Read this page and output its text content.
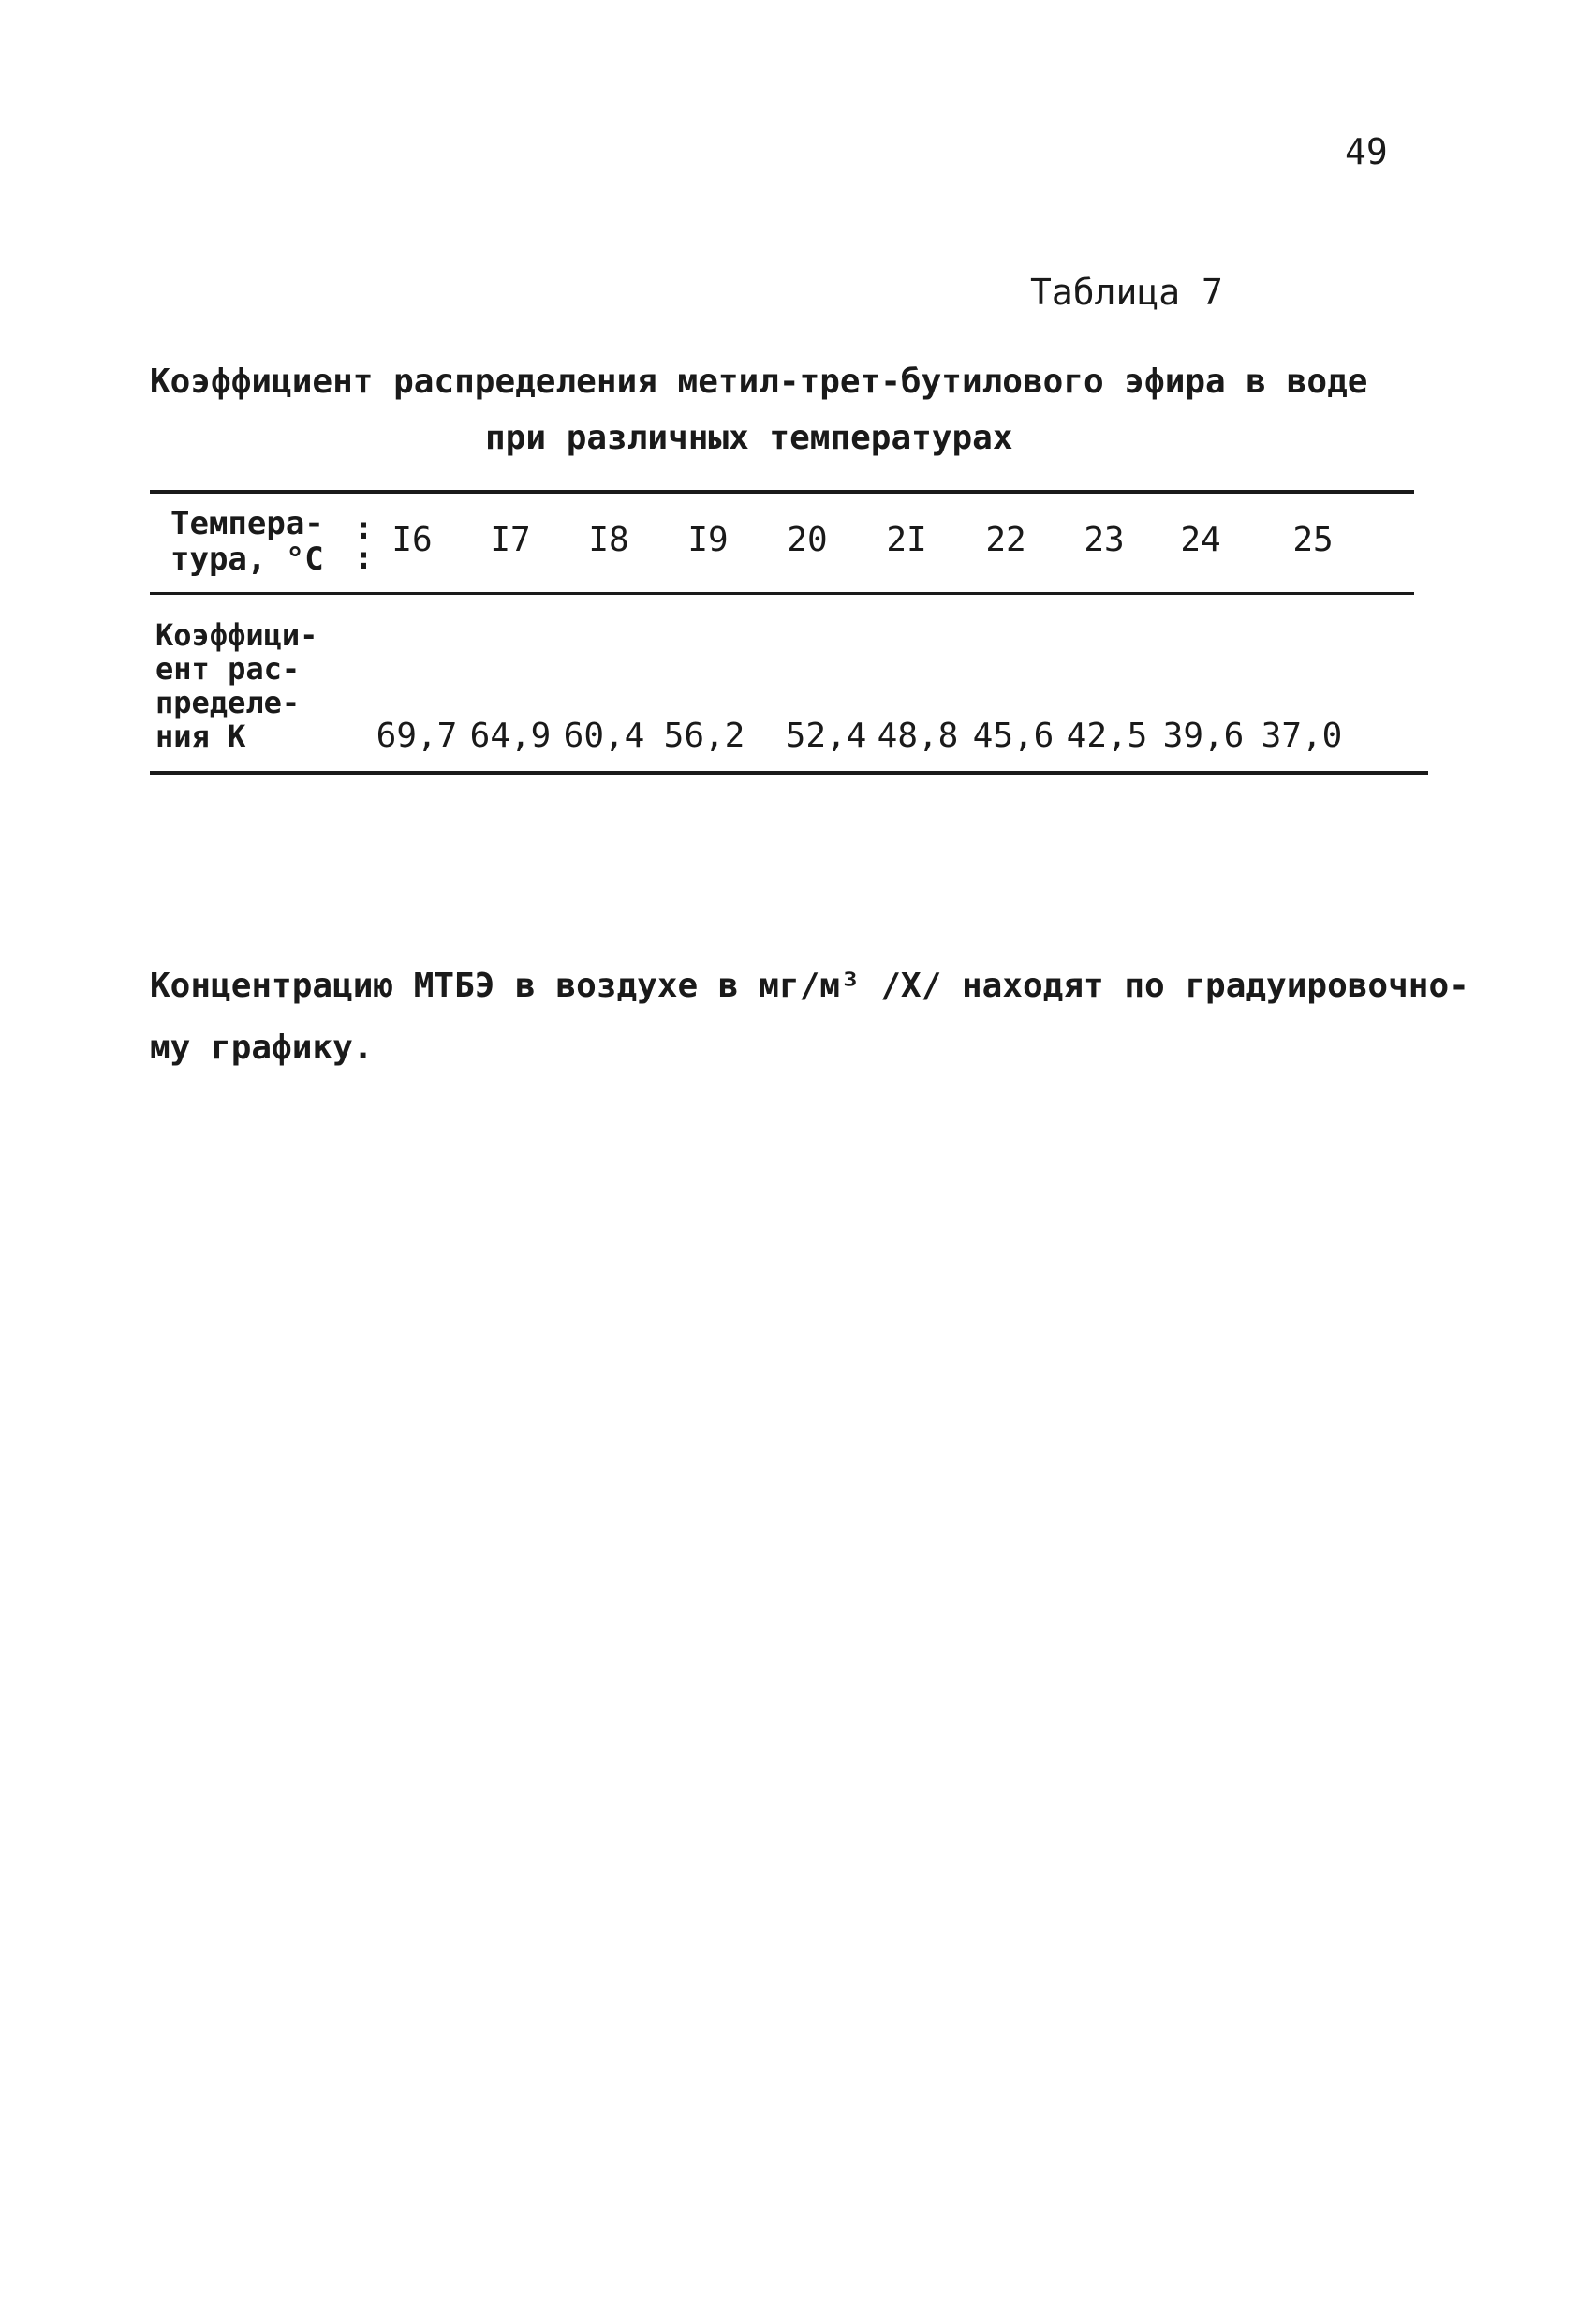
49
Таблица 7
Коэффициент распределения метил-трет-бутилового эфира в воде
при различных температурах
Темпера-
тура, °С
:
: I6	I7	I8	I9	20	2I	22	23	24	25
Коэффици-
ент рас-
пределе-
ния К	69,7 64,9 60,4 56,2	52,4 48,8 45,6 42,5 39,6 37,0
Концентрацию МТБЭ в воздухе в мг/м³ /Х/ находят по градуировочно-
му графику.
